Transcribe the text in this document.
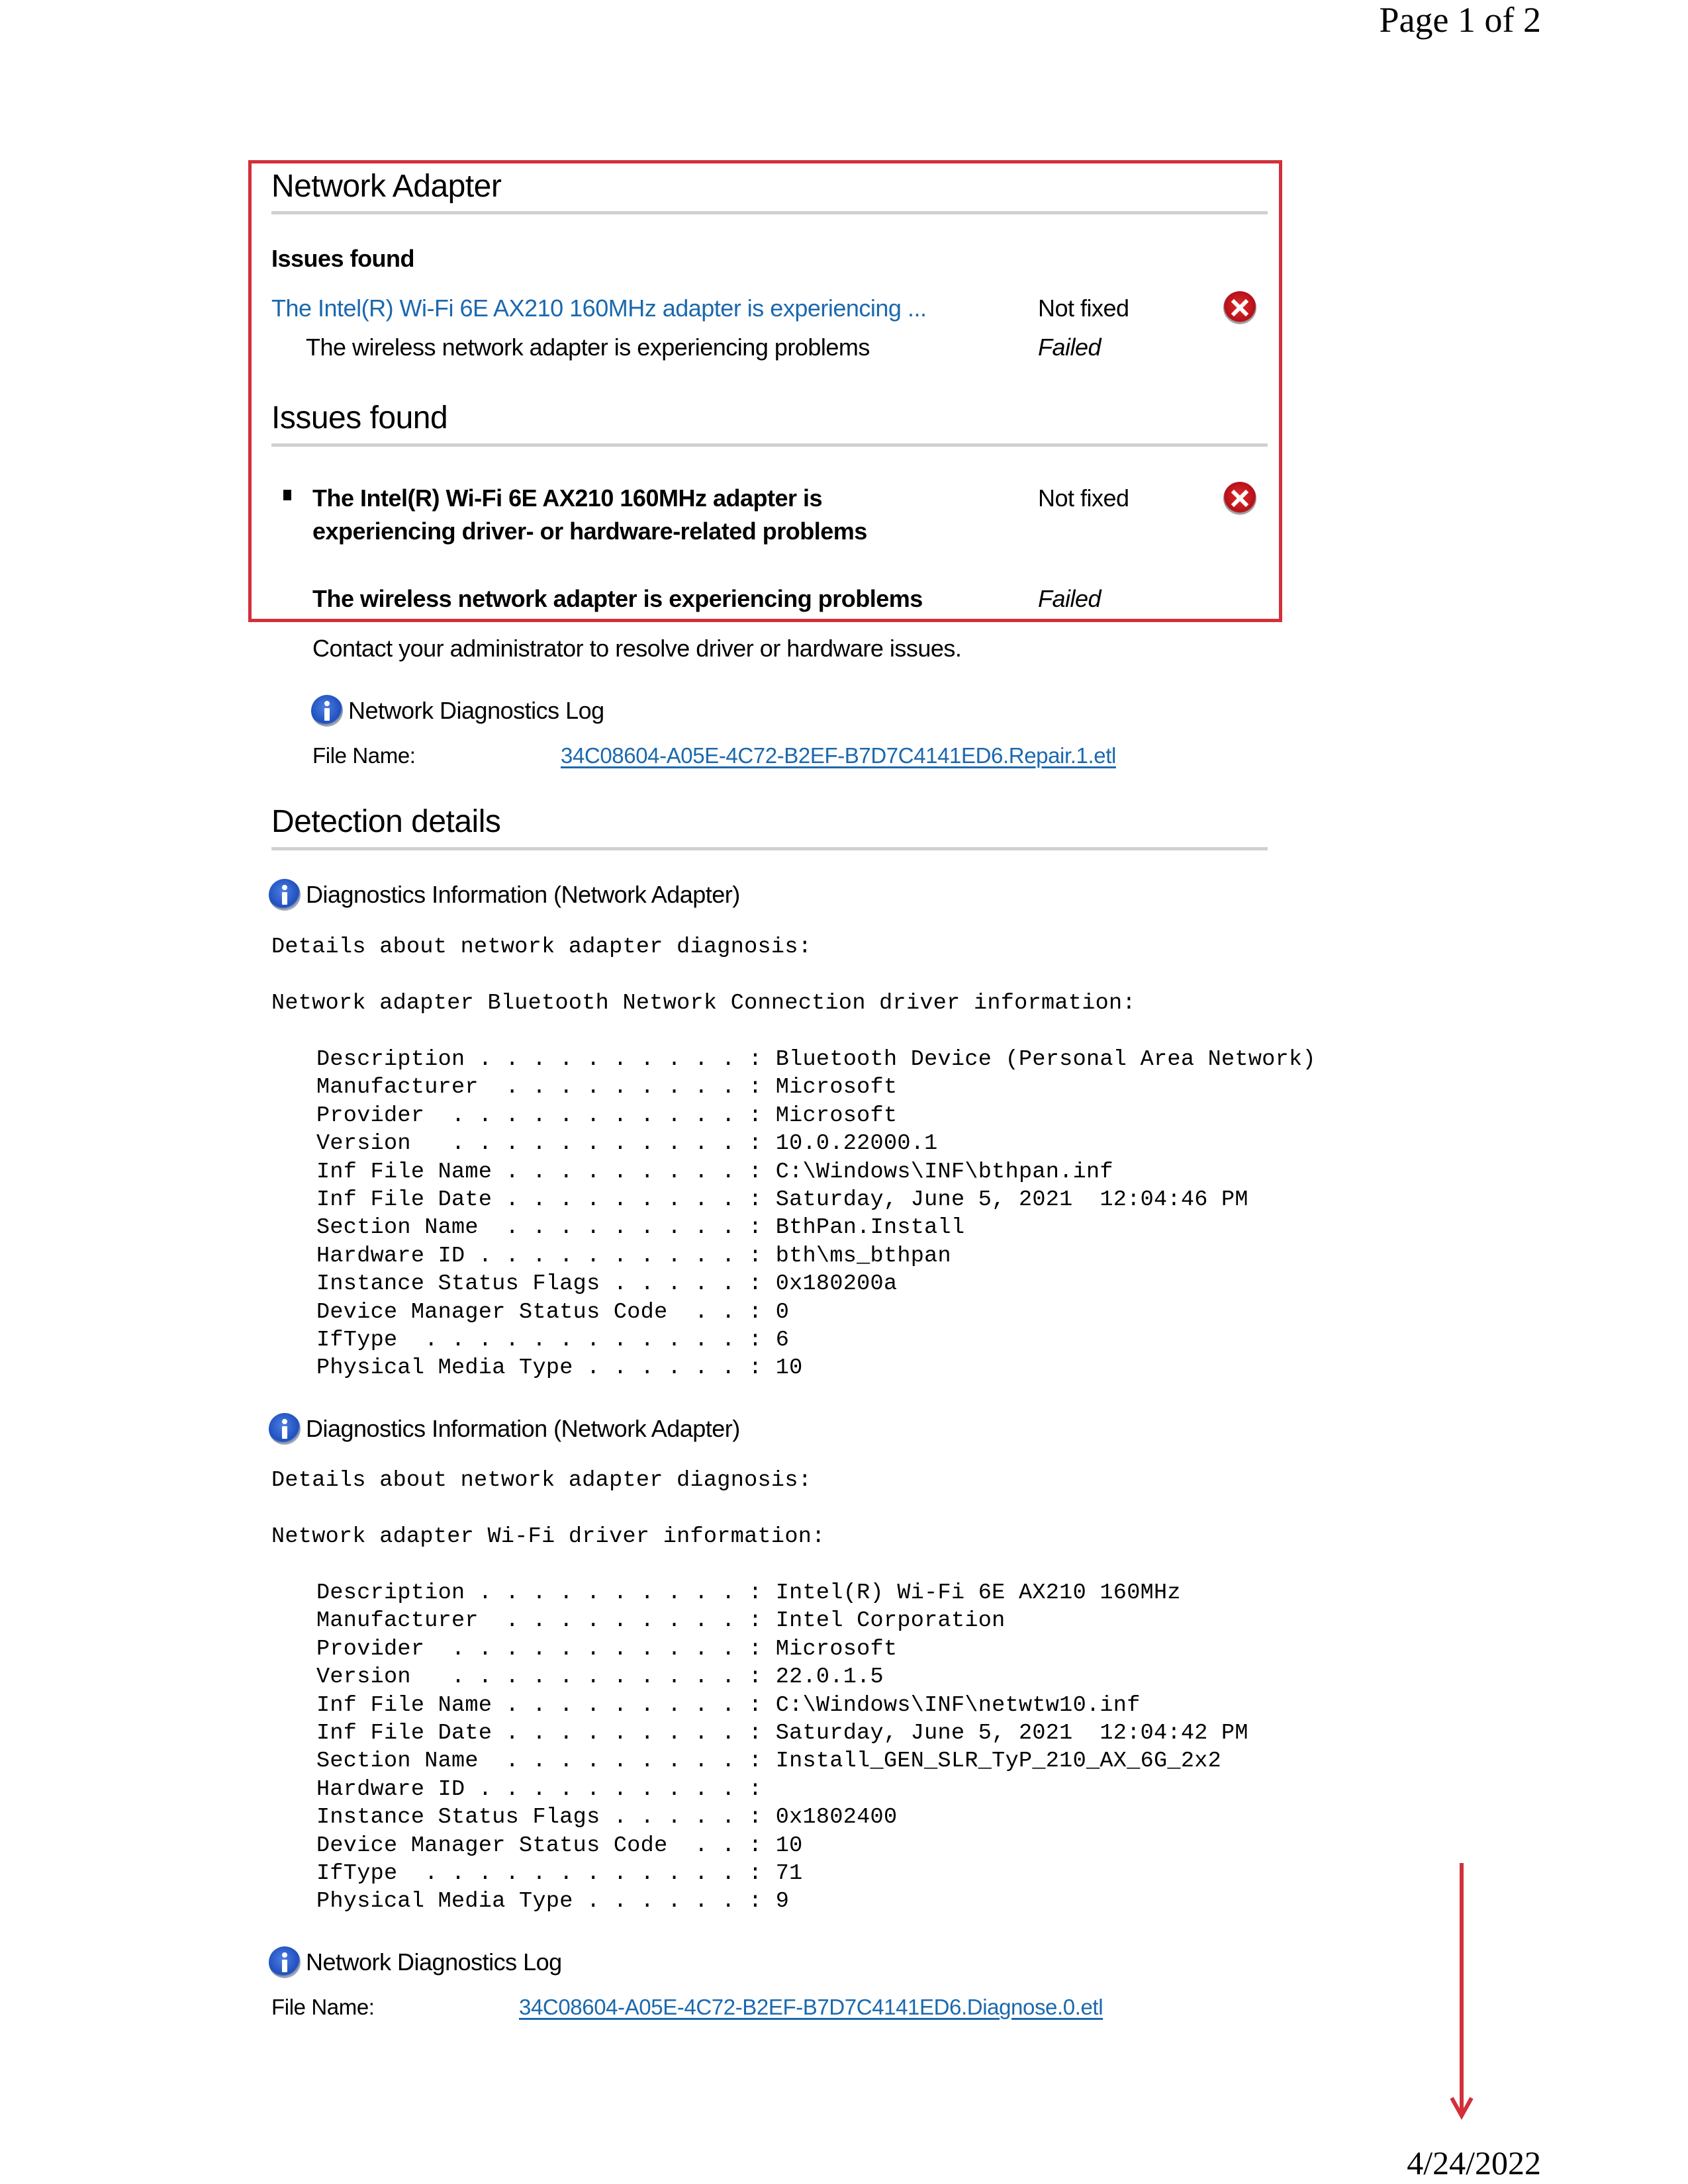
Page 1 of 2
4/24/2022
Network Adapter
Issues found
The Intel(R) Wi-Fi 6E AX210 160MHz adapter is experiencing ...	Not fixed
The wireless network adapter is experiencing problems	Failed
Issues found
The Intel(R) Wi-Fi 6E AX210 160MHz adapter is
experiencing driver- or hardware-related problems
Not fixed
The wireless network adapter is experiencing problems	Failed
Contact your administrator to resolve driver or hardware issues.
Network Diagnostics Log
File Name:	34C08604-A05E-4C72-B2EF-B7D7C4141ED6.Repair.1.etl
Detection details
Diagnostics Information (Network Adapter)
Details about network adapter diagnosis:
Network adapter Bluetooth Network Connection driver information:
Description . . . . . . . . . . : Bluetooth Device (Personal Area Network)
Manufacturer  . . . . . . . . . : Microsoft
Provider  . . . . . . . . . . . : Microsoft
Version   . . . . . . . . . . . : 10.0.22000.1
Inf File Name . . . . . . . . . : C:\Windows\INF\bthpan.inf
Inf File Date . . . . . . . . . : Saturday, June 5, 2021  12:04:46 PM
Section Name  . . . . . . . . . : BthPan.Install
Hardware ID . . . . . . . . . . : bth\ms_bthpan
Instance Status Flags . . . . . : 0x180200a
Device Manager Status Code  . . : 0
IfType  . . . . . . . . . . . . : 6
Physical Media Type . . . . . . : 10
Diagnostics Information (Network Adapter)
Details about network adapter diagnosis:
Network adapter Wi-Fi driver information:
Description . . . . . . . . . . : Intel(R) Wi-Fi 6E AX210 160MHz
Manufacturer  . . . . . . . . . : Intel Corporation
Provider  . . . . . . . . . . . : Microsoft
Version   . . . . . . . . . . . : 22.0.1.5
Inf File Name . . . . . . . . . : C:\Windows\INF\netwtw10.inf
Inf File Date . . . . . . . . . : Saturday, June 5, 2021  12:04:42 PM
Section Name  . . . . . . . . . : Install_GEN_SLR_TyP_210_AX_6G_2x2
Hardware ID . . . . . . . . . . :
Instance Status Flags . . . . . : 0x1802400
Device Manager Status Code  . . : 10
IfType  . . . . . . . . . . . . : 71
Physical Media Type . . . . . . : 9
Network Diagnostics Log
File Name:	34C08604-A05E-4C72-B2EF-B7D7C4141ED6.Diagnose.0.etl
